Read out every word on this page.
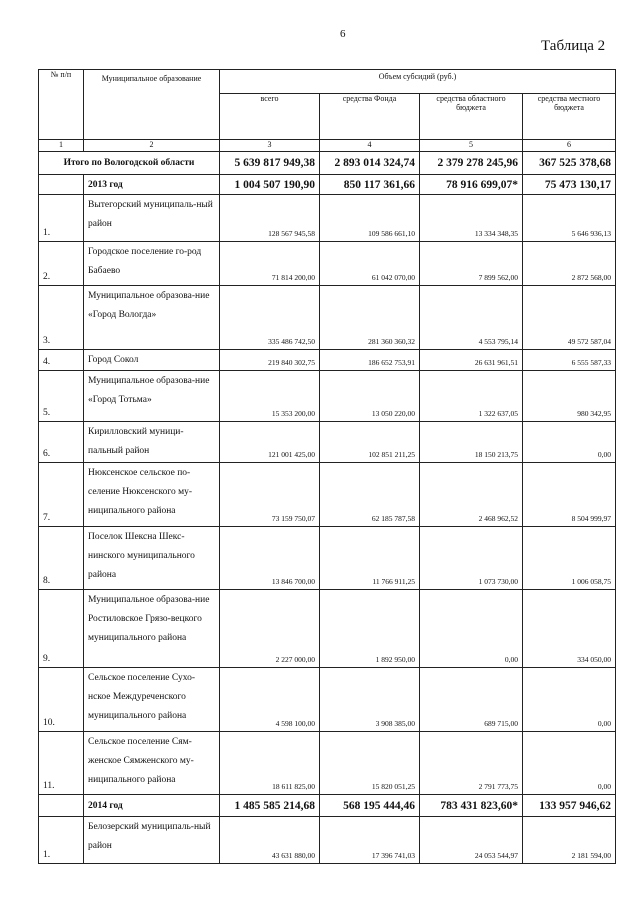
6
Таблица 2
№ п/п	Муниципальное образование	Объем субсидий (руб.)			
		всего	средства Фонда	средства областного бюджета	средства местного бюджета
1	2	3	4	5	6
Итого по Вологодской области		5 639 817 949,38	2 893 014 324,74	2 379 278 245,96	367 525 378,68
	2013 год	1 004 507 190,90	850 117 361,66	78 916 699,07*	75 473 130,17
1.	Вытегорский муниципаль-ный район	128 567 945,58	109 586 661,10	13 334 348,35	5 646 936,13
2.	Городское поселение го-род Бабаево	71 814 200,00	61 042 070,00	7 899 562,00	2 872 568,00
3.	Муниципальное образова-ние «Город Вологда»	335 486 742,50	281 360 360,32	4 553 795,14	49 572 587,04
4.	Город Сокол	219 840 302,75	186 652 753,91	26 631 961,51	6 555 587,33
5.	Муниципальное образова-ние «Город Тотьма»	15 353 200,00	13 050 220,00	1 322 637,05	980 342,95
6.	Кирилловский муници-пальный район	121 001 425,00	102 851 211,25	18 150 213,75	0,00
7.	Нюксенское сельское по-селение Нюксенского му-ниципального района	73 159 750,07	62 185 787,58	2 468 962,52	8 504 999,97
8.	Поселок Шексна Шекс-нинского муниципального района	13 846 700,00	11 766 911,25	1 073 730,00	1 006 058,75
9.	Муниципальное образова-ние Ростиловское Грязо-вецкого муниципального района	2 227 000,00	1 892 950,00	0,00	334 050,00
10.	Сельское поселение Сухо-нское Междуреченского муниципального района	4 598 100,00	3 908 385,00	689 715,00	0,00
11.	Сельское поселение Сям-женское Сямженского му-ниципального района	18 611 825,00	15 820 051,25	2 791 773,75	0,00
	2014 год	1 485 585 214,68	568 195 444,46	783 431 823,60*	133 957 946,62
1.	Белозерский муниципаль-ный район	43 631 880,00	17 396 741,03	24 053 544,97	2 181 594,00
